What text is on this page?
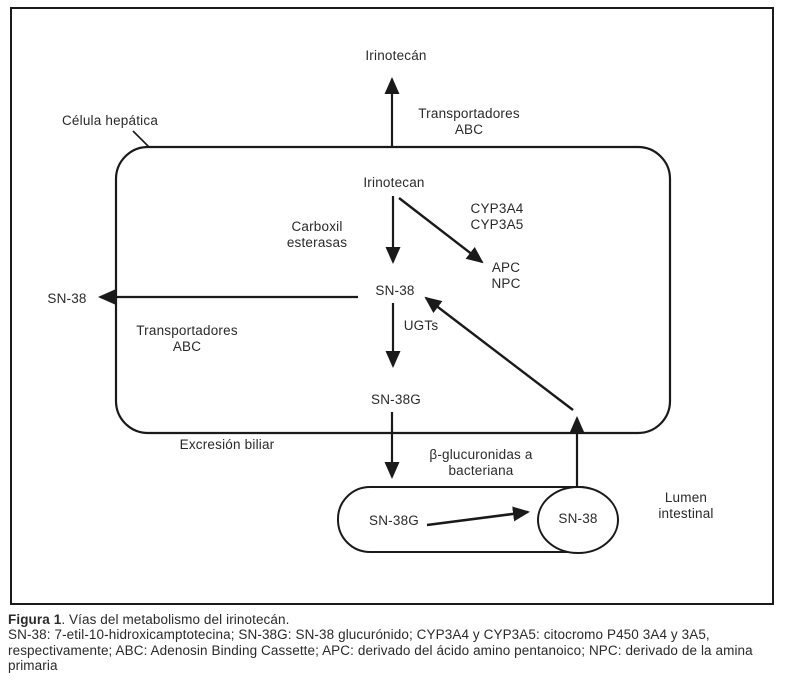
Irinotecán
Transportadores
ABC
Célula hepática
Irinotecan
Carboxil
esterasas
CYP3A4
CYP3A5
APC
NPC
SN-38
SN-38
Transportadores
ABC
UGTs
SN-38G
Excresión biliar
β-glucuronidas a
bacteriana
SN-38G	SN-38
Lumen
intestinal
Figura 1. Vías del metabolismo del irinotecán.
SN-38: 7-etil-10-hidroxicamptotecina; SN-38G: SN-38 glucurónido; CYP3A4 y CYP3A5: citocromo P450 3A4 y 3A5, respectivamente; ABC: Adenosin Binding Cassette; APC: derivado del ácido amino pentanoico; NPC: derivado de la amina primaria
